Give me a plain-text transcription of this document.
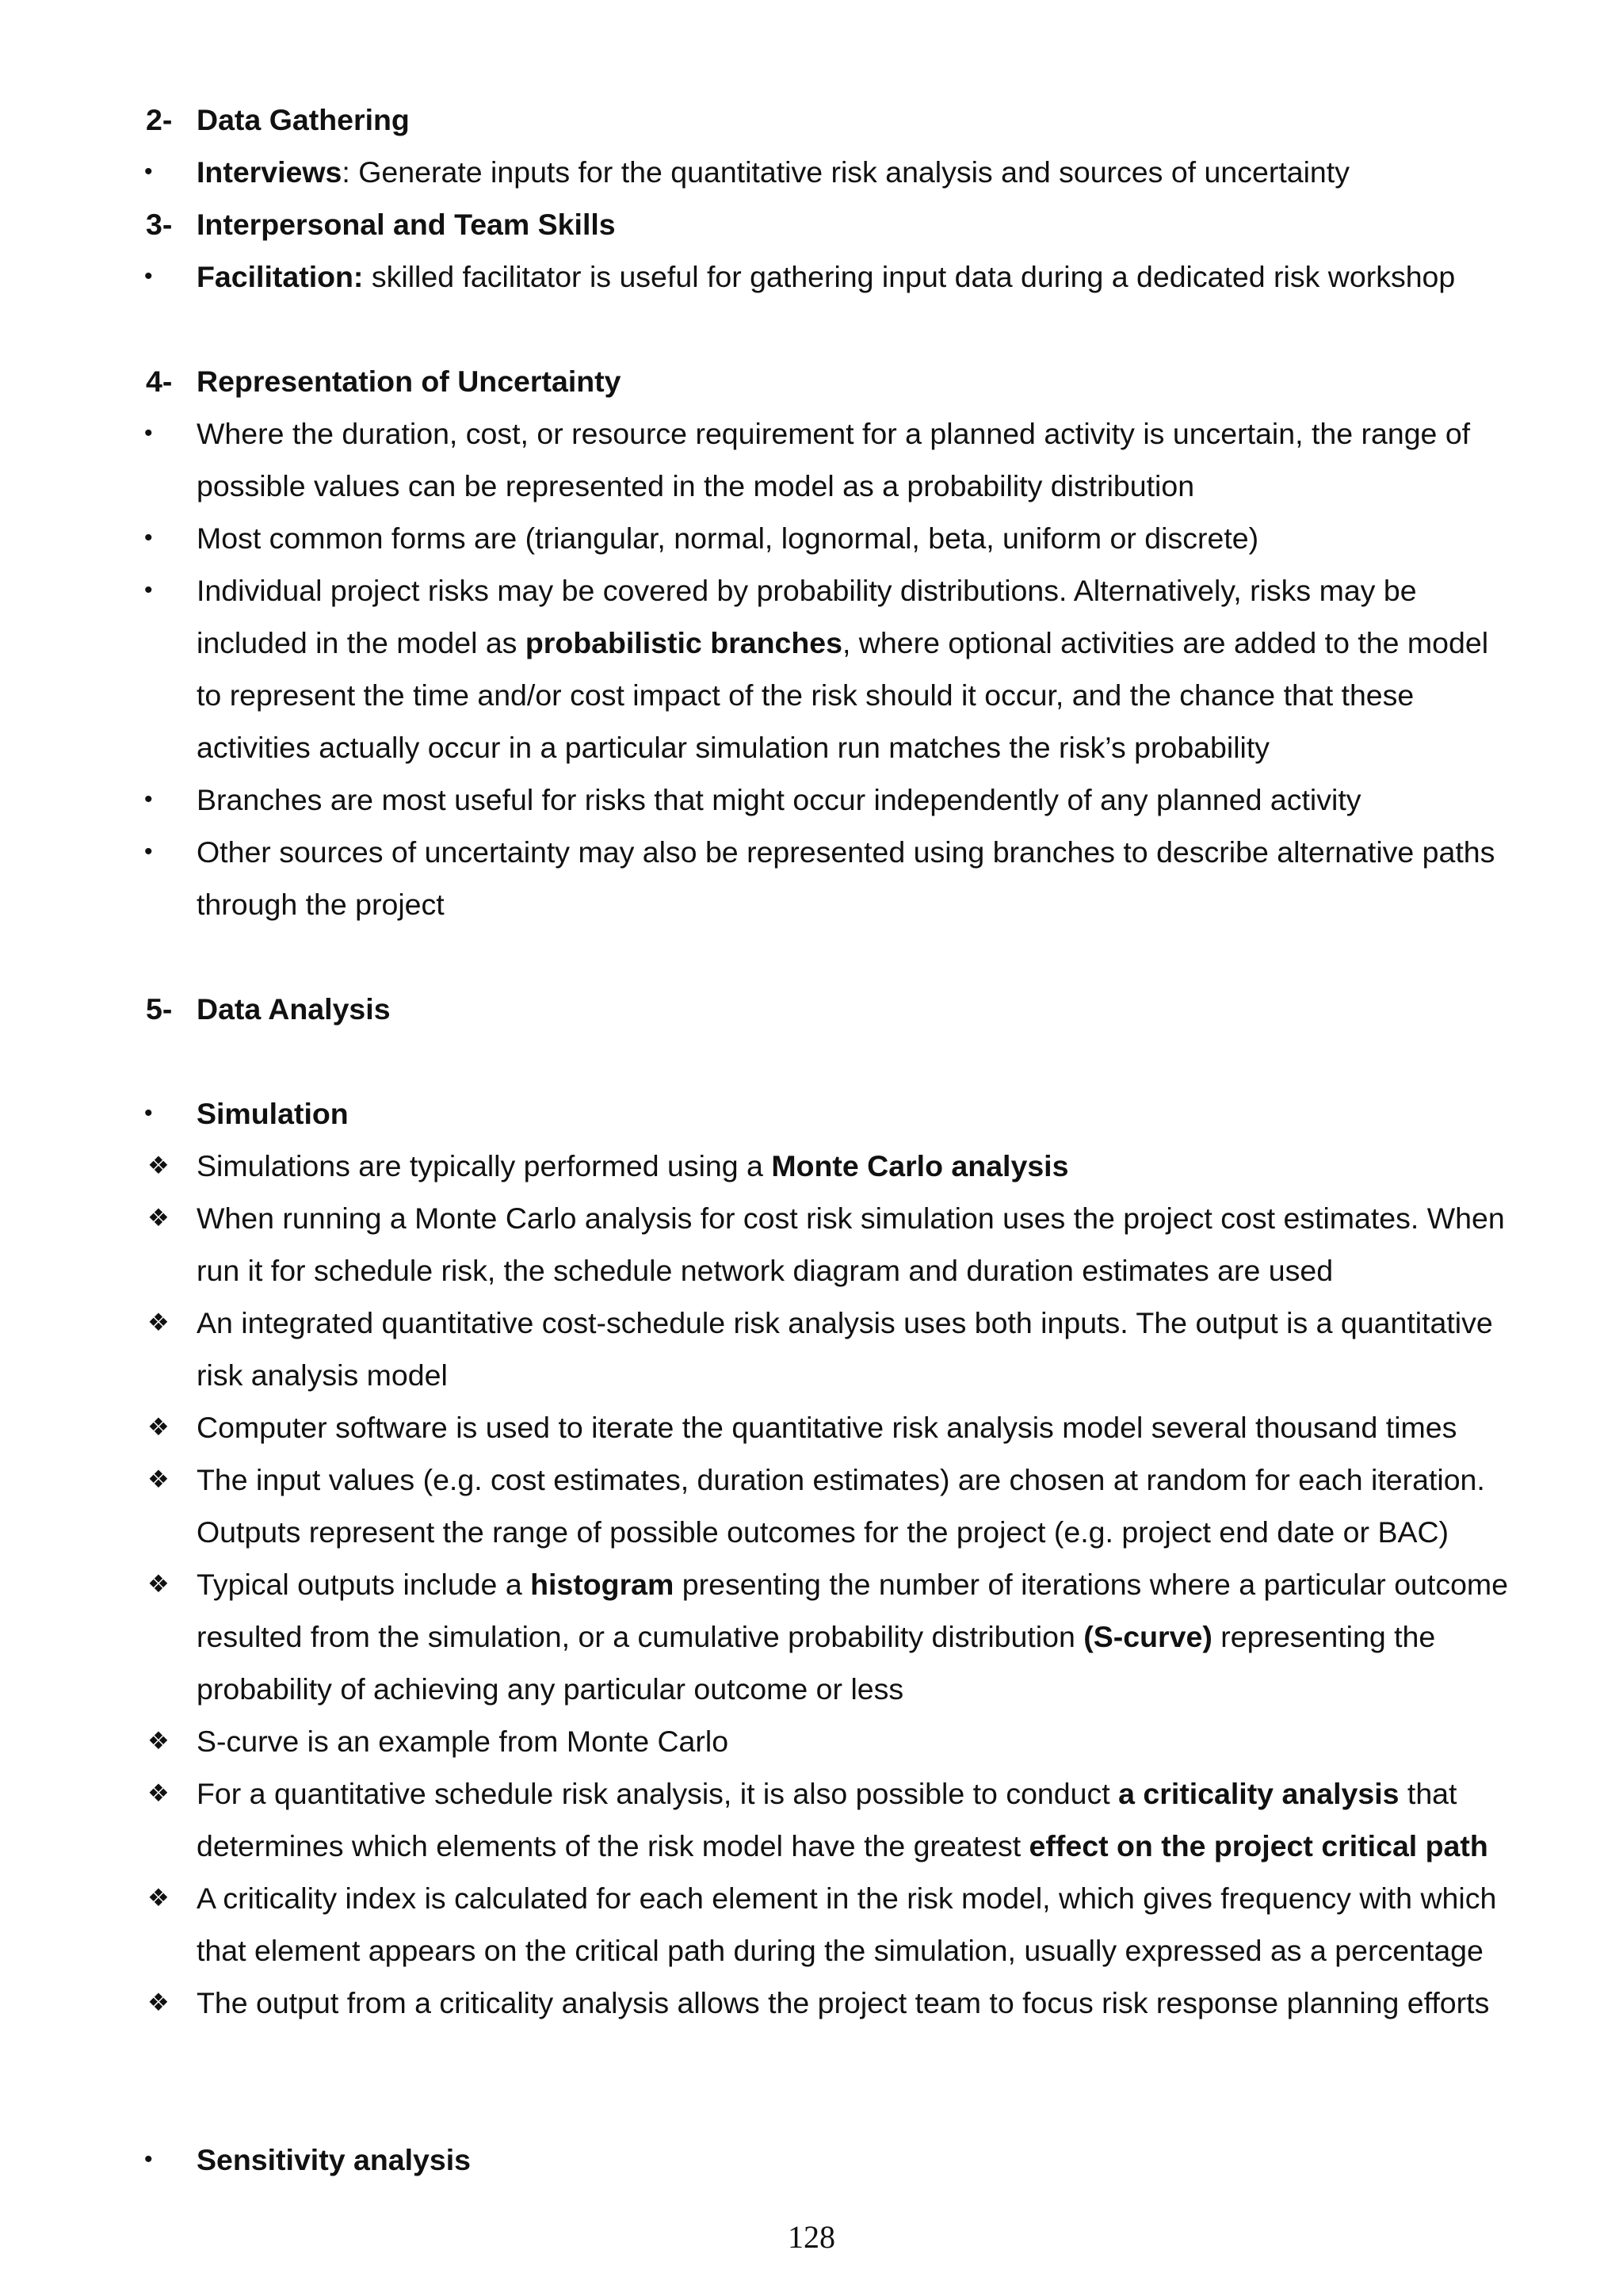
2- Data Gathering
• Interviews: Generate inputs for the quantitative risk analysis and sources of uncertainty
3- Interpersonal and Team Skills
• Facilitation: skilled facilitator is useful for gathering input data during a dedicated risk workshop
4- Representation of Uncertainty
• Where the duration, cost, or resource requirement for a planned activity is uncertain, the range of
possible values can be represented in the model as a probability distribution
• Most common forms are (triangular, normal, lognormal, beta, uniform or discrete)
• Individual project risks may be covered by probability distributions. Alternatively, risks may be
included in the model as probabilistic branches, where optional activities are added to the model
to represent the time and/or cost impact of the risk should it occur, and the chance that these
activities actually occur in a particular simulation run matches the risk’s probability
• Branches are most useful for risks that might occur independently of any planned activity
• Other sources of uncertainty may also be represented using branches to describe alternative paths
through the project
5- Data Analysis
• Simulation
❖ Simulations are typically performed using a Monte Carlo analysis
❖ When running a Monte Carlo analysis for cost risk simulation uses the project cost estimates. When
run it for schedule risk, the schedule network diagram and duration estimates are used
❖ An integrated quantitative cost-schedule risk analysis uses both inputs. The output is a quantitative
risk analysis model
❖ Computer software is used to iterate the quantitative risk analysis model several thousand times
❖ The input values (e.g. cost estimates, duration estimates) are chosen at random for each iteration.
Outputs represent the range of possible outcomes for the project (e.g. project end date or BAC)
❖ Typical outputs include a histogram presenting the number of iterations where a particular outcome
resulted from the simulation, or a cumulative probability distribution (S-curve) representing the
probability of achieving any particular outcome or less
❖ S-curve is an example from Monte Carlo
❖ For a quantitative schedule risk analysis, it is also possible to conduct a criticality analysis that
determines which elements of the risk model have the greatest effect on the project critical path
❖ A criticality index is calculated for each element in the risk model, which gives frequency with which
that element appears on the critical path during the simulation, usually expressed as a percentage
❖ The output from a criticality analysis allows the project team to focus risk response planning efforts
• Sensitivity analysis
128
